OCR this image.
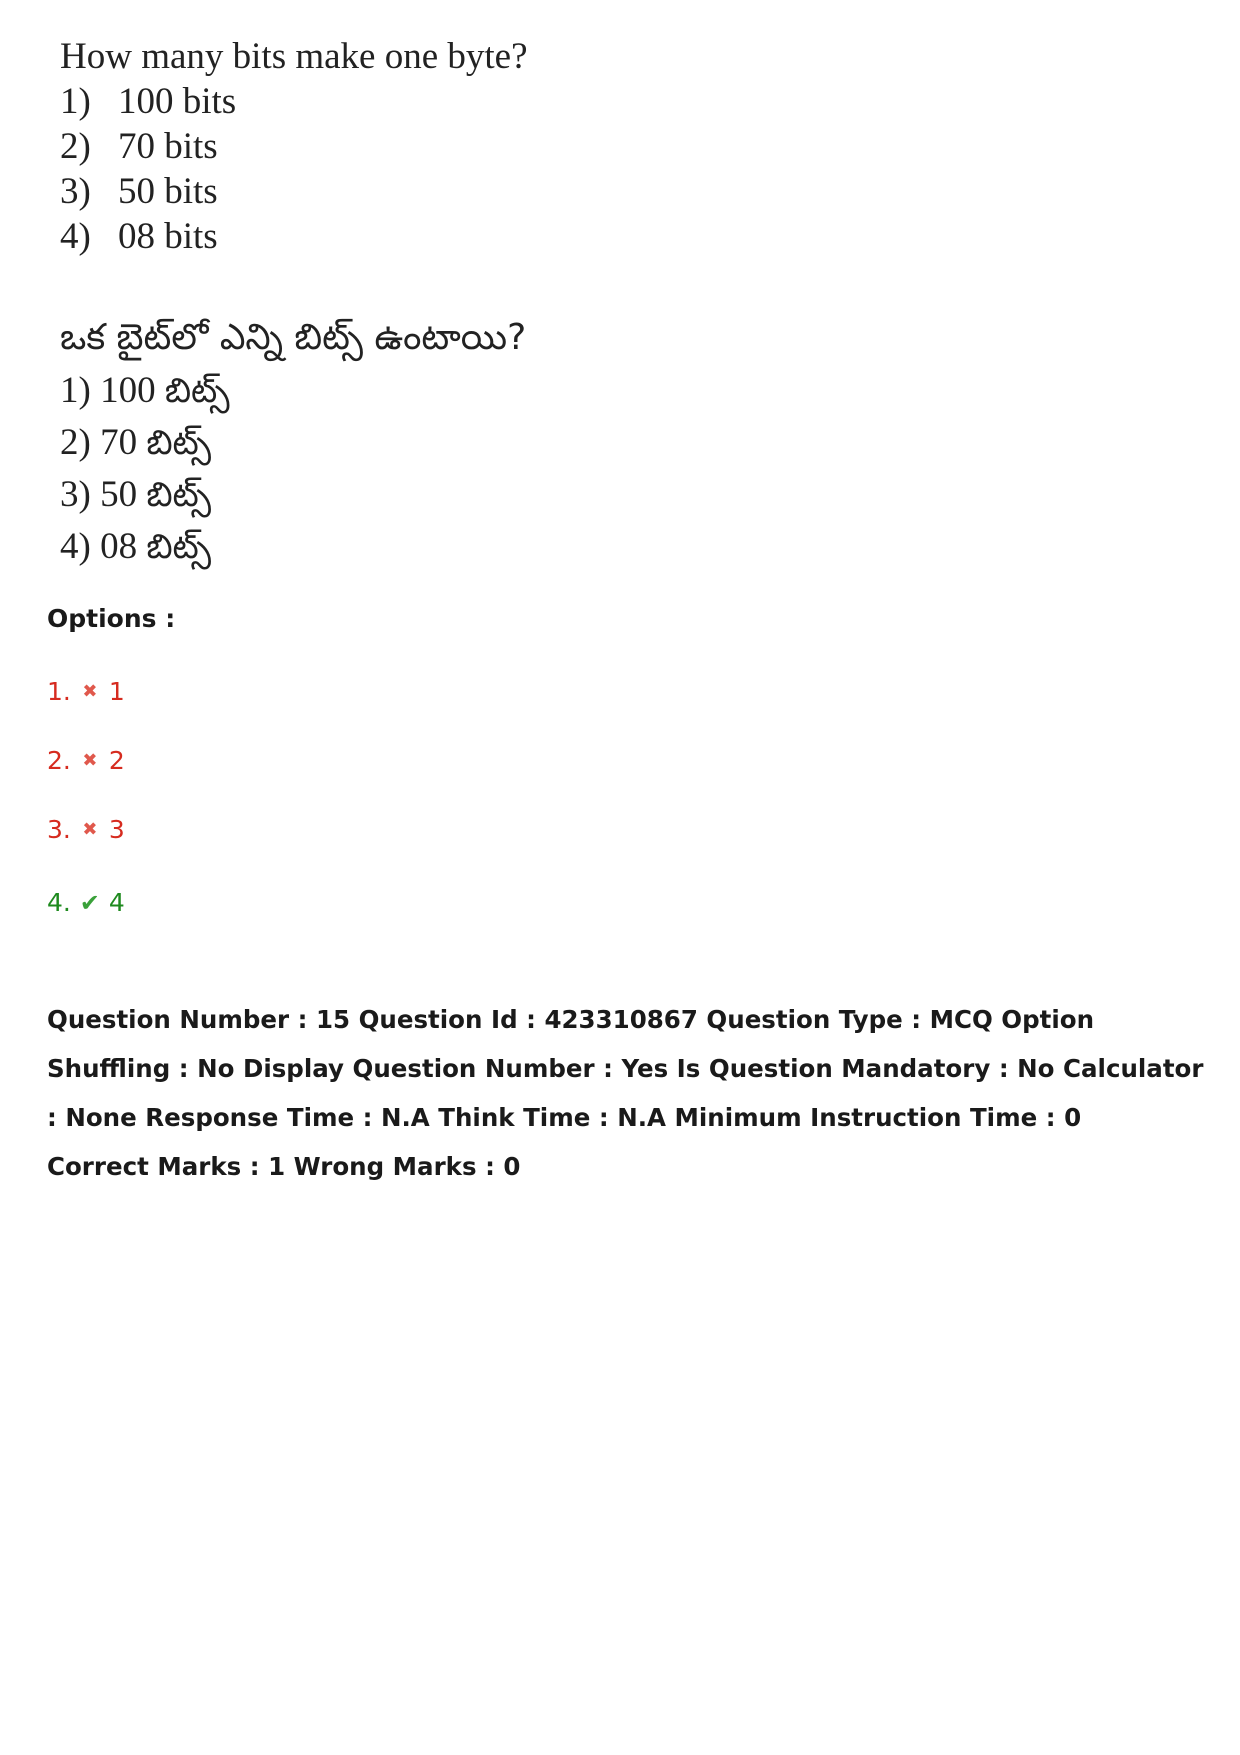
How many bits make one byte?

1) 100 bits
2) 70 bits
3) 50 bits
4) 08 bits
ఒక బైట్‌లో ఎన్ని బిట్స్ ఉంటాయి?
1) 100 బిట్స్
2) 70 బిట్స్
3) 50 బిట్స్
4) 08 బిట్స్

Options :

1. ✖ 1
2. ✖ 2
3. ✖ 3
4. ✔ 4

Question Number : 15 Question Id : 423310867 Question Type : MCQ Option Shuffling : No Display Question Number : Yes Is Question Mandatory : No Calculator : None Response Time : N.A Think Time : N.A Minimum Instruction Time : 0

Correct Marks : 1 Wrong Marks : 0
